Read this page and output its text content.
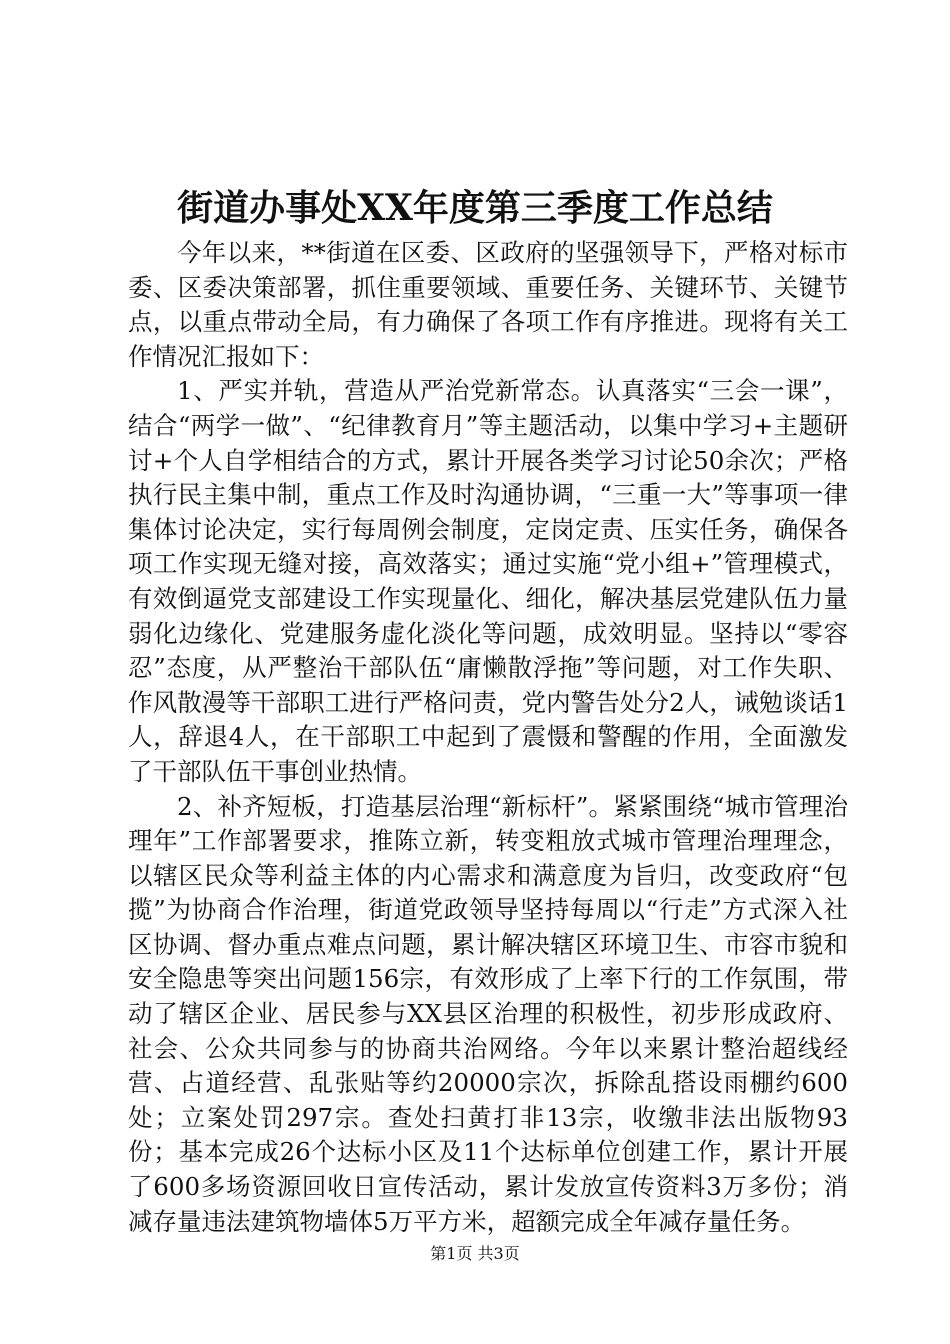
街道办事处XX年度第三季度工作总结

今年以来，**街道在区委、区政府的坚强领导下，严格对标市委、区委决策部署，抓住重要领域、重要任务、关键环节、关键节点，以重点带动全局，有力确保了各项工作有序推进。现将有关工作情况汇报如下：

1、严实并轨，营造从严治党新常态。认真落实“三会一课”，结合“两学一做”、“纪律教育月”等主题活动，以集中学习+主题研讨+个人自学相结合的方式，累计开展各类学习讨论50余次；严格执行民主集中制，重点工作及时沟通协调，“三重一大”等事项一律集体讨论决定，实行每周例会制度，定岗定责、压实任务，确保各项工作实现无缝对接，高效落实；通过实施“党小组+”管理模式，有效倒逼党支部建设工作实现量化、细化，解决基层党建队伍力量弱化边缘化、党建服务虚化淡化等问题，成效明显。坚持以“零容忍”态度，从严整治干部队伍“庸懒散浮拖”等问题，对工作失职、作风散漫等干部职工进行严格问责，党内警告处分2人，诫勉谈话1人，辞退4人，在干部职工中起到了震慑和警醒的作用，全面激发了干部队伍干事创业热情。

2、补齐短板，打造基层治理“新标杆”。紧紧围绕“城市管理治理年”工作部署要求，推陈立新，转变粗放式城市管理治理理念，以辖区民众等利益主体的内心需求和满意度为旨归，改变政府“包揽”为协商合作治理，街道党政领导坚持每周以“行走”方式深入社区协调、督办重点难点问题，累计解决辖区环境卫生、市容市貌和安全隐患等突出问题156宗，有效形成了上率下行的工作氛围，带动了辖区企业、居民参与XX县区治理的积极性，初步形成政府、社会、公众共同参与的协商共治网络。今年以来累计整治超线经营、占道经营、乱张贴等约20000宗次，拆除乱搭设雨棚约600处；立案处罚297宗。查处扫黄打非13宗，收缴非法出版物93份；基本完成26个达标小区及11个达标单位创建工作，累计开展了600多场资源回收日宣传活动，累计发放宣传资料3万多份；消减存量违法建筑物墙体5万平方米，超额完成全年减存量任务。

第1页 共3页
